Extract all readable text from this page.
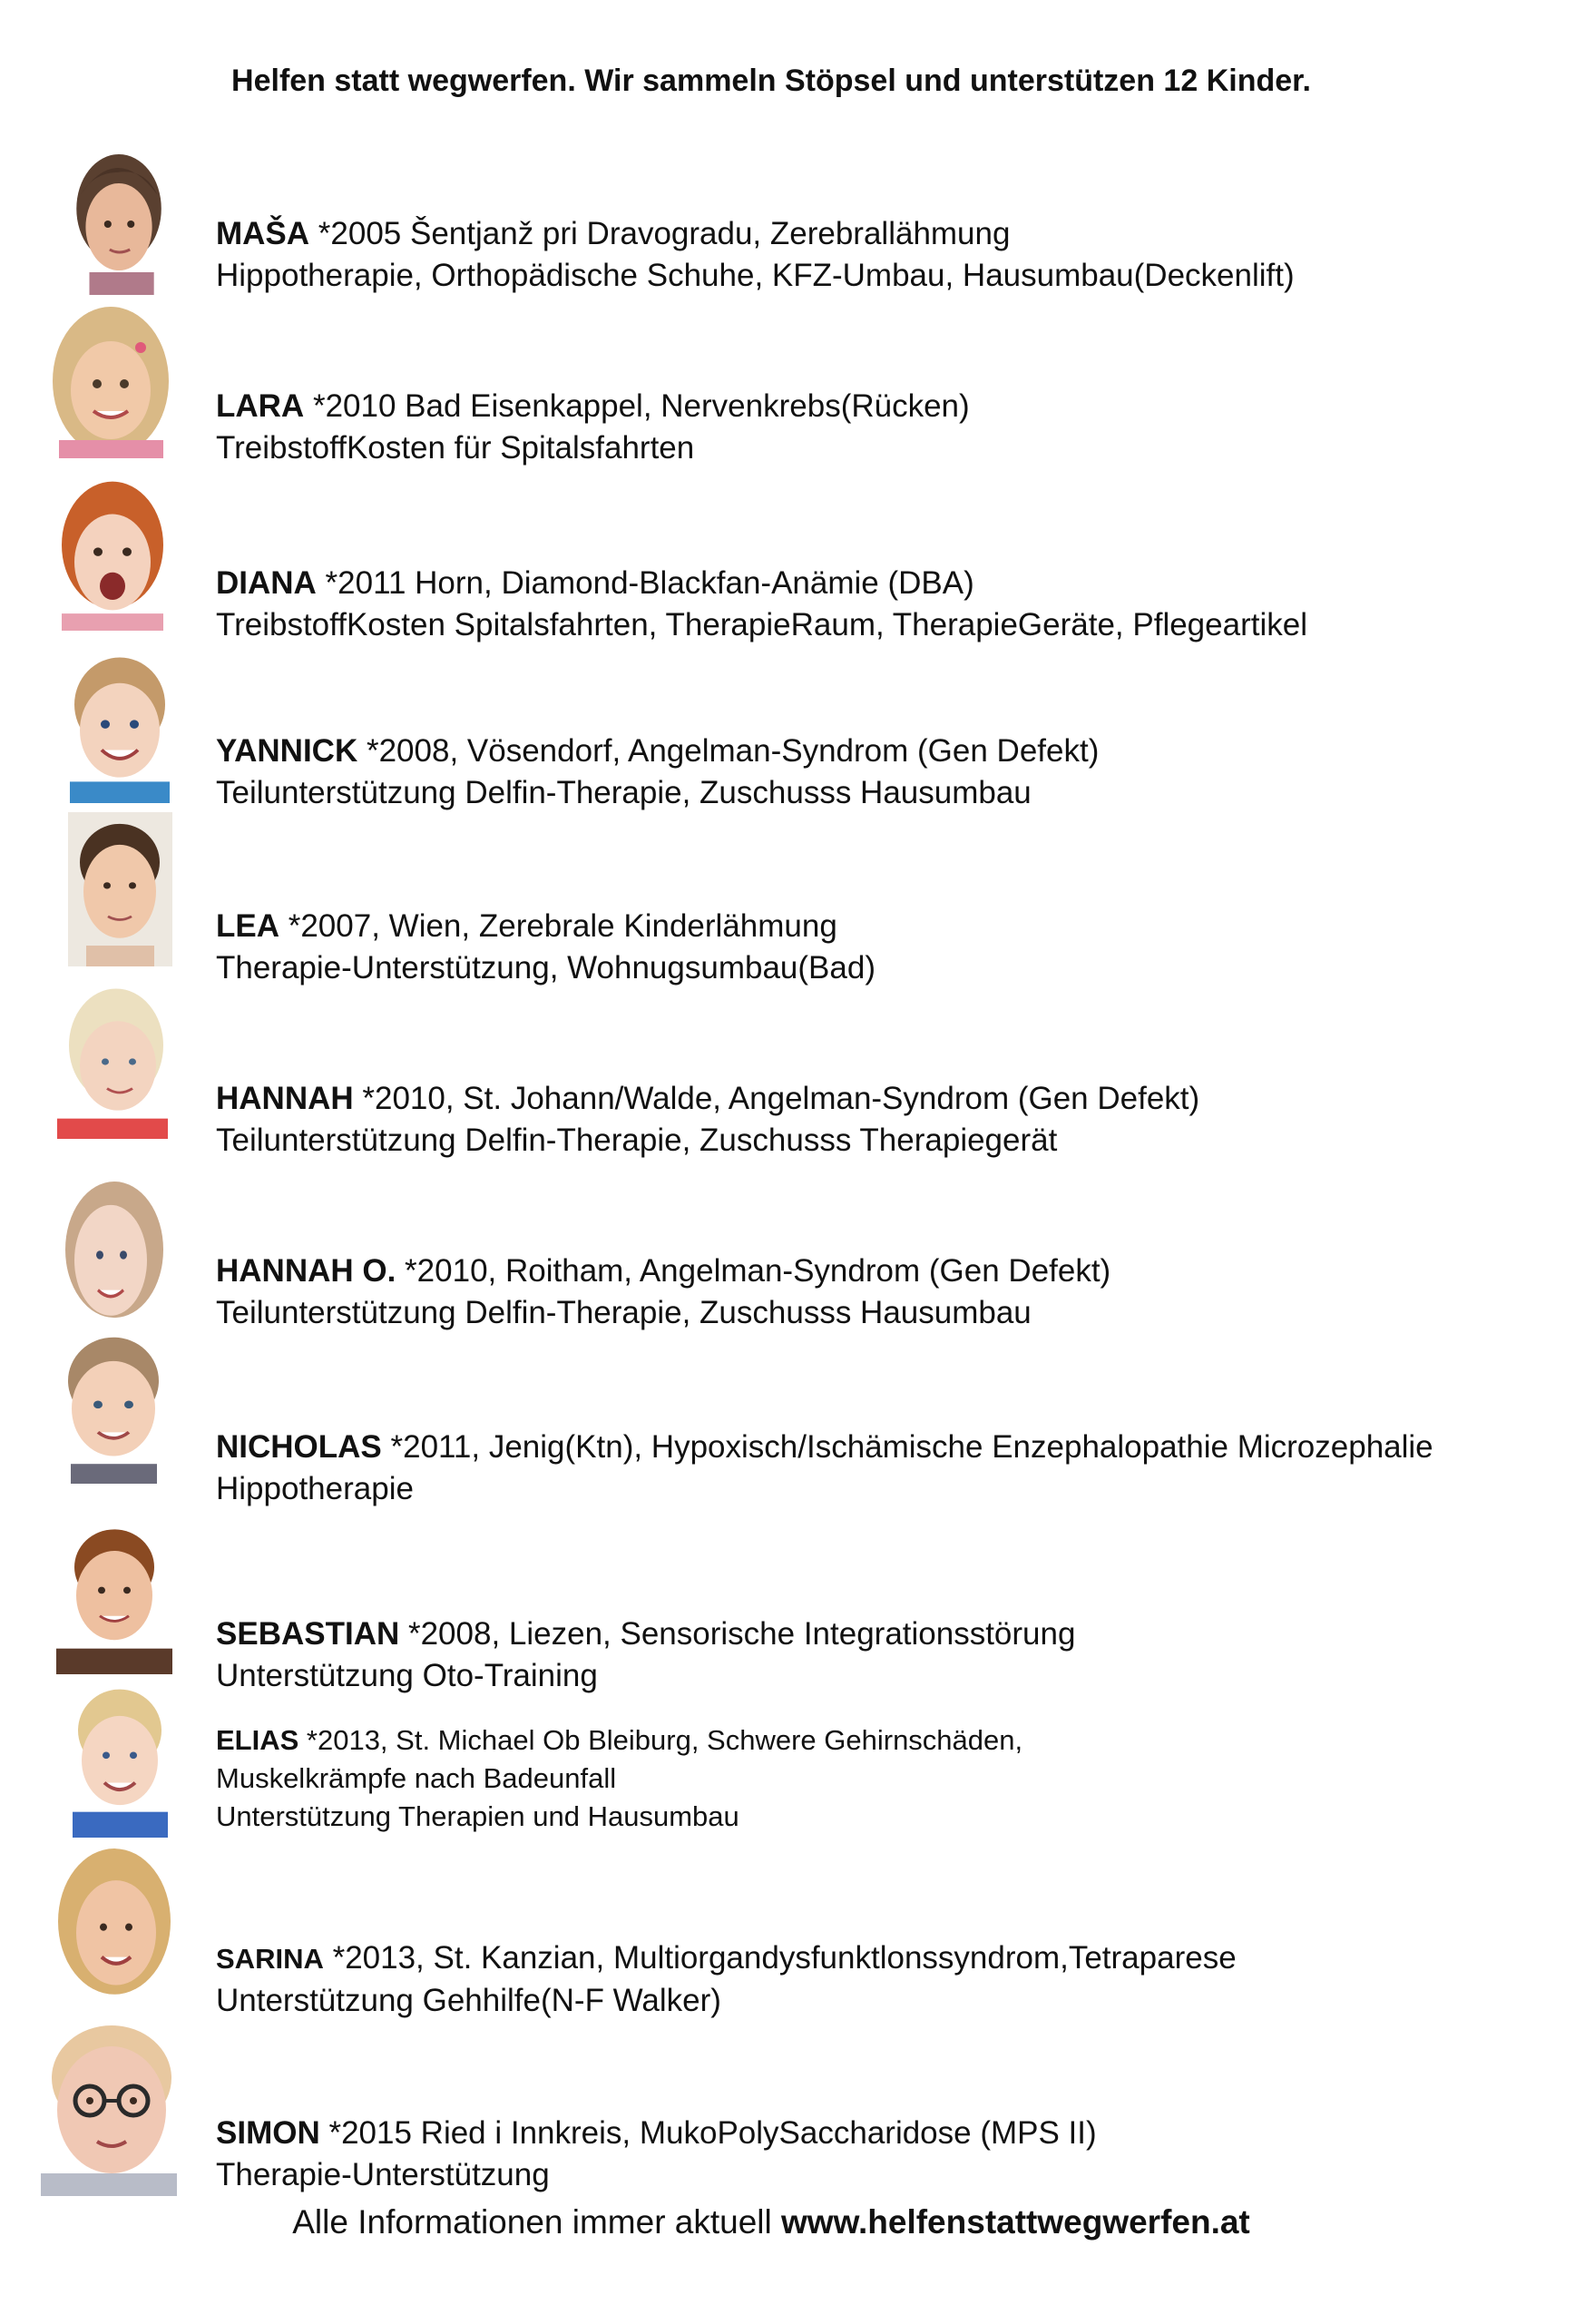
Helfen statt wegwerfen. Wir sammeln Stöpsel und unterstützen 12 Kinder.
MAŠA *2005 Šentjanž pri Dravogradu, Zerebrallähmung
Hippotherapie, Orthopädische Schuhe, KFZ-Umbau, Hausumbau(Deckenlift)
LARA *2010 Bad Eisenkappel, Nervenkrebs(Rücken)
TreibstoffKosten für Spitalsfahrten
DIANA *2011 Horn, Diamond-Blackfan-Anämie (DBA)
TreibstoffKosten Spitalsfahrten, TherapieRaum, TherapieGeräte, Pflegeartikel
YANNICK *2008, Vösendorf, Angelman-Syndrom (Gen Defekt)
Teilunterstützung Delfin-Therapie, Zuschusss Hausumbau
LEA *2007, Wien, Zerebrale Kinderlähmung
Therapie-Unterstützung, Wohnugsumbau(Bad)
HANNAH *2010, St. Johann/Walde, Angelman-Syndrom (Gen Defekt)
Teilunterstützung Delfin-Therapie, Zuschusss Therapiegerät
HANNAH O. *2010, Roitham, Angelman-Syndrom (Gen Defekt)
Teilunterstützung Delfin-Therapie, Zuschusss Hausumbau
NICHOLAS *2011, Jenig(Ktn), Hypoxisch/Ischämische Enzephalopathie Microzephalie
Hippotherapie
SEBASTIAN *2008, Liezen, Sensorische Integrationsstörung
Unterstützung Oto-Training
ELIAS *2013, St. Michael Ob Bleiburg, Schwere Gehirnschäden,
Muskelkrämpfe nach Badeunfall
Unterstützung Therapien und Hausumbau
SARINA *2013, St. Kanzian, Multiorgandysfunktlonssyndrom,Tetraparese
Unterstützung Gehhilfe(N-F Walker)
SIMON *2015 Ried i Innkreis, MukoPolySaccharidose (MPS II)
Therapie-Unterstützung
Alle Informationen immer aktuell www.helfenstattwegwerfen.at
